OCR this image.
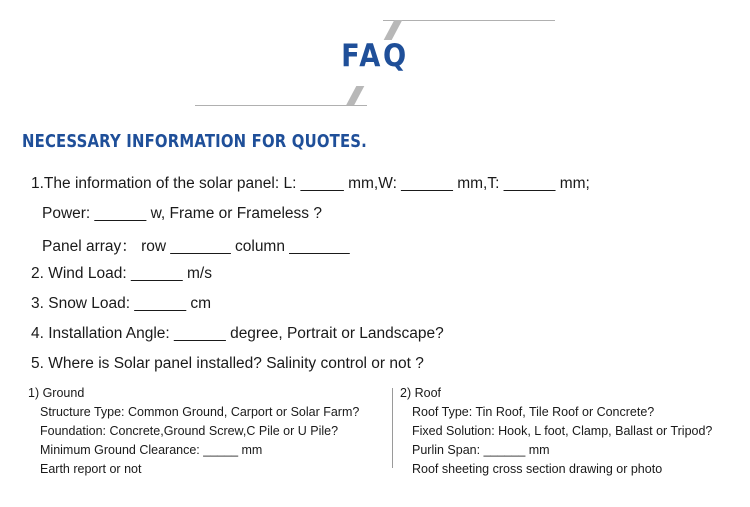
FAQ
NECESSARY INFORMATION FOR QUOTES.
1.The information of the solar panel: L: _____ mm,W: ______ mm,T: ______ mm;
Power: ______ w, Frame or Frameless ?
Panel array： row _______ column _______
2. Wind Load: ______ m/s
3. Snow Load: ______ cm
4. Installation Angle: ______ degree, Portrait or Landscape?
5. Where is Solar panel installed? Salinity control or not ?
1) Ground
Structure Type: Common Ground, Carport or Solar Farm?
Foundation: Concrete,Ground Screw,C Pile or U Pile?
Minimum Ground Clearance: _____ mm
Earth report or not
2) Roof
Roof Type: Tin Roof, Tile Roof or Concrete?
Fixed Solution: Hook, L foot, Clamp, Ballast or Tripod?
Purlin Span: ______ mm
Roof sheeting cross section drawing or photo
